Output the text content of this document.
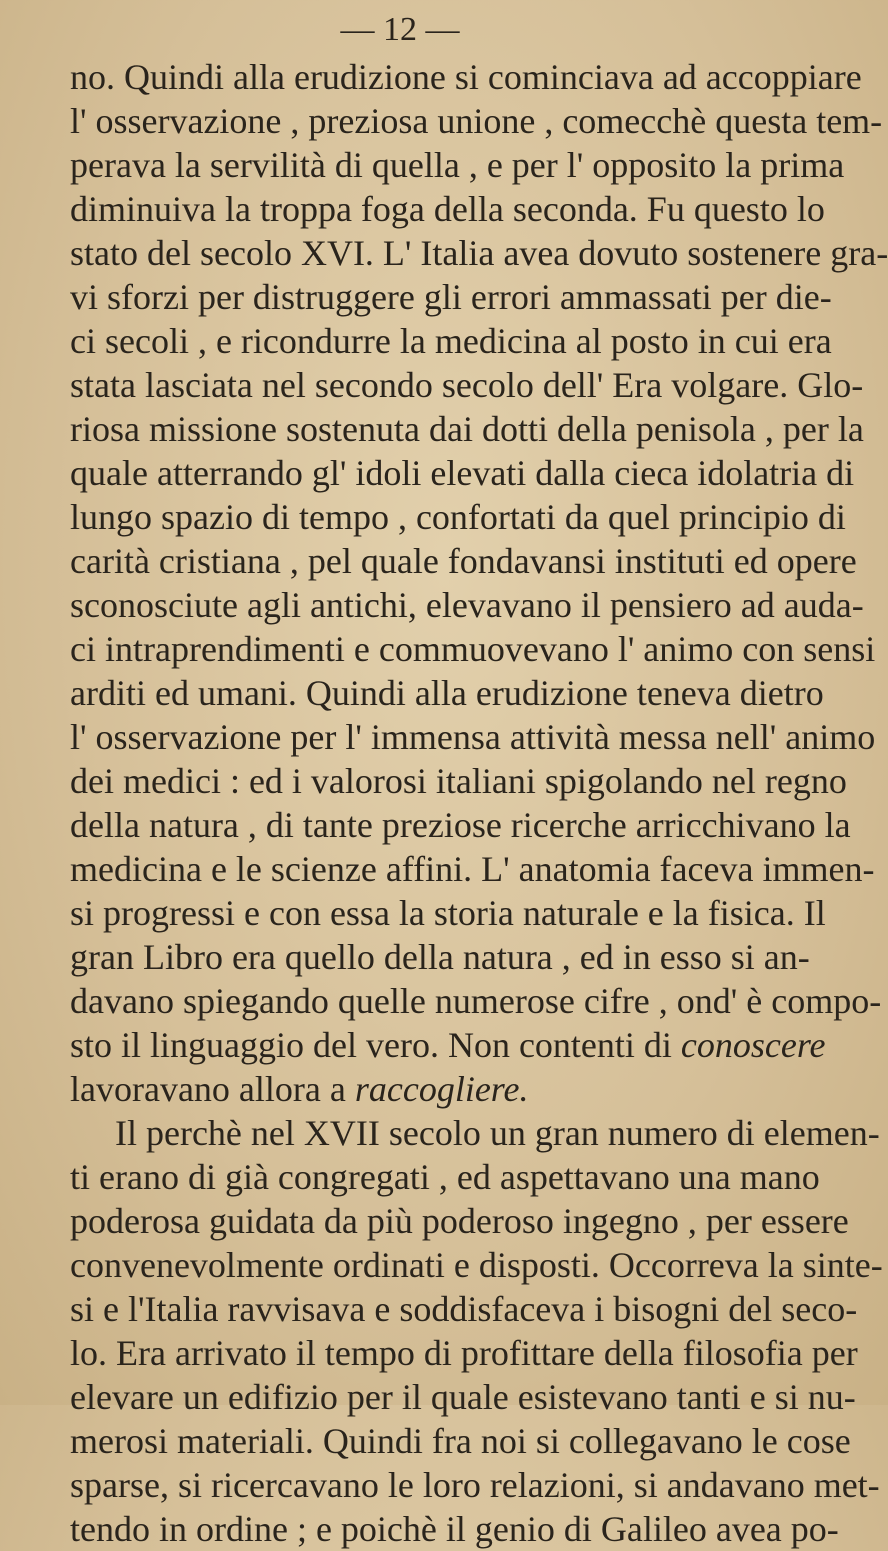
— 12 —
no. Quindi alla erudizione si cominciava ad accoppiare
l' osservazione , preziosa unione , comecchè questa tem-
perava la servilità di quella , e per l' opposito la prima
diminuiva la troppa foga della seconda. Fu questo lo
stato del secolo XVI. L' Italia avea dovuto sostenere gra-
vi sforzi per distruggere gli errori ammassati per die-
ci secoli , e ricondurre la medicina al posto in cui era
stata lasciata nel secondo secolo dell' Era volgare. Glo-
riosa missione sostenuta dai dotti della penisola , per la
quale atterrando gl' idoli elevati dalla cieca idolatria di
lungo spazio di tempo , confortati da quel principio di
carità cristiana , pel quale fondavansi instituti ed opere
sconosciute agli antichi, elevavano il pensiero ad auda-
ci intraprendimenti e commuovevano l' animo con sensi
arditi ed umani. Quindi alla erudizione teneva dietro
l' osservazione per l' immensa attività messa nell' animo
dei medici : ed i valorosi italiani spigolando nel regno
della natura , di tante preziose ricerche arricchivano la
medicina e le scienze affini. L' anatomia faceva immen-
si progressi e con essa la storia naturale e la fisica. Il
gran Libro era quello della natura , ed in esso si an-
davano spiegando quelle numerose cifre , ond' è compo-
sto il linguaggio del vero. Non contenti di conoscere
lavoravano allora a raccogliere.
Il perchè nel XVII secolo un gran numero di elemen-
ti erano di già congregati , ed aspettavano una mano
poderosa guidata da più poderoso ingegno , per essere
convenevolmente ordinati e disposti. Occorreva la sinte-
si e l'Italia ravvisava e soddisfaceva i bisogni del seco-
lo. Era arrivato il tempo di profittare della filosofia per
elevare un edifizio per il quale esistevano tanti e si nu-
merosi materiali. Quindi fra noi si collegavano le cose
sparse, si ricercavano le loro relazioni, si andavano met-
tendo in ordine ; e poichè il genio di Galileo avea po-
